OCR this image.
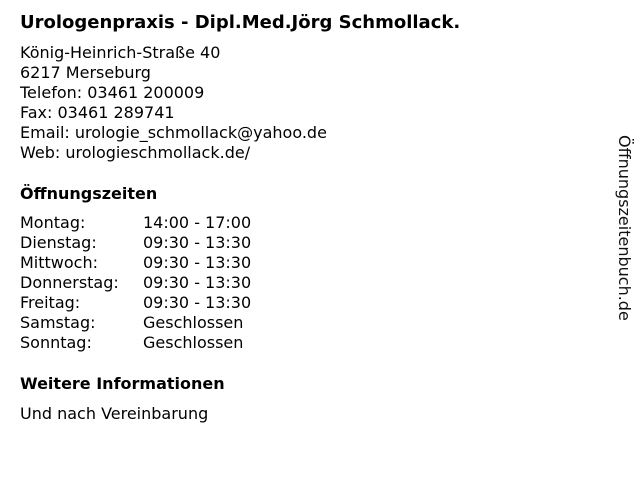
Urologenpraxis - Dipl.Med.Jörg Schmollack.
König-Heinrich-Straße 40
6217 Merseburg
Telefon: 03461 200009
Fax: 03461 289741
Email: urologie_schmollack@yahoo.de
Web: urologieschmollack.de/
Öffnungszeiten
Montag:	14:00 - 17:00
Dienstag:	09:30 - 13:30
Mittwoch:	09:30 - 13:30
Donnerstag: 09:30 - 13:30
Freitag:	09:30 - 13:30
Samstag:	Geschlossen
Sonntag:	Geschlossen
Weitere Informationen
Und nach Vereinbarung
Öffnungszeitenbuch.de
